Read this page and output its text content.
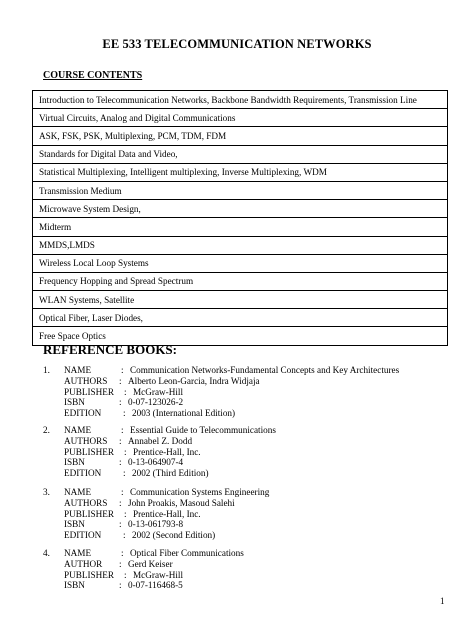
EE 533 TELECOMMUNICATION NETWORKS
COURSE CONTENTS
Introduction to Telecommunication Networks, Backbone Bandwidth Requirements, Transmission Line
Virtual Circuits, Analog and Digital Communications
ASK, FSK, PSK, Multiplexing, PCM, TDM, FDM
Standards for Digital Data and Video,
Statistical Multiplexing, Intelligent multiplexing, Inverse Multiplexing, WDM
Transmission Medium
Microwave System Design,
Midterm
MMDS,LMDS
Wireless Local Loop Systems
Frequency Hopping and Spread Spectrum
WLAN Systems, Satellite
Optical Fiber, Laser Diodes,
Free Space Optics
REFERENCE BOOKS:
1. NAME	: Communication Networks-Fundamental Concepts and Key Architectures
AUTHORS : Alberto Leon-Garcia, Indra Widjaja
PUBLISHER : McGraw-Hill
ISBN	: 0-07-123026-2
EDITION : 2003 (International Edition)
2. NAME	: Essential Guide to Telecommunications
AUTHORS : Annabel Z. Dodd
PUBLISHER : Prentice-Hall, Inc.
ISBN	: 0-13-064907-4
EDITION : 2002 (Third Edition)
3. NAME	: Communication Systems Engineering
AUTHORS : John Proakis, Masoud Salehi
PUBLISHER : Prentice-Hall, Inc.
ISBN	: 0-13-061793-8
EDITION : 2002 (Second Edition)
4. NAME	: Optical Fiber Communications
AUTHOR : Gerd Keiser
PUBLISHER : McGraw-Hill
ISBN	: 0-07-116468-5
1
